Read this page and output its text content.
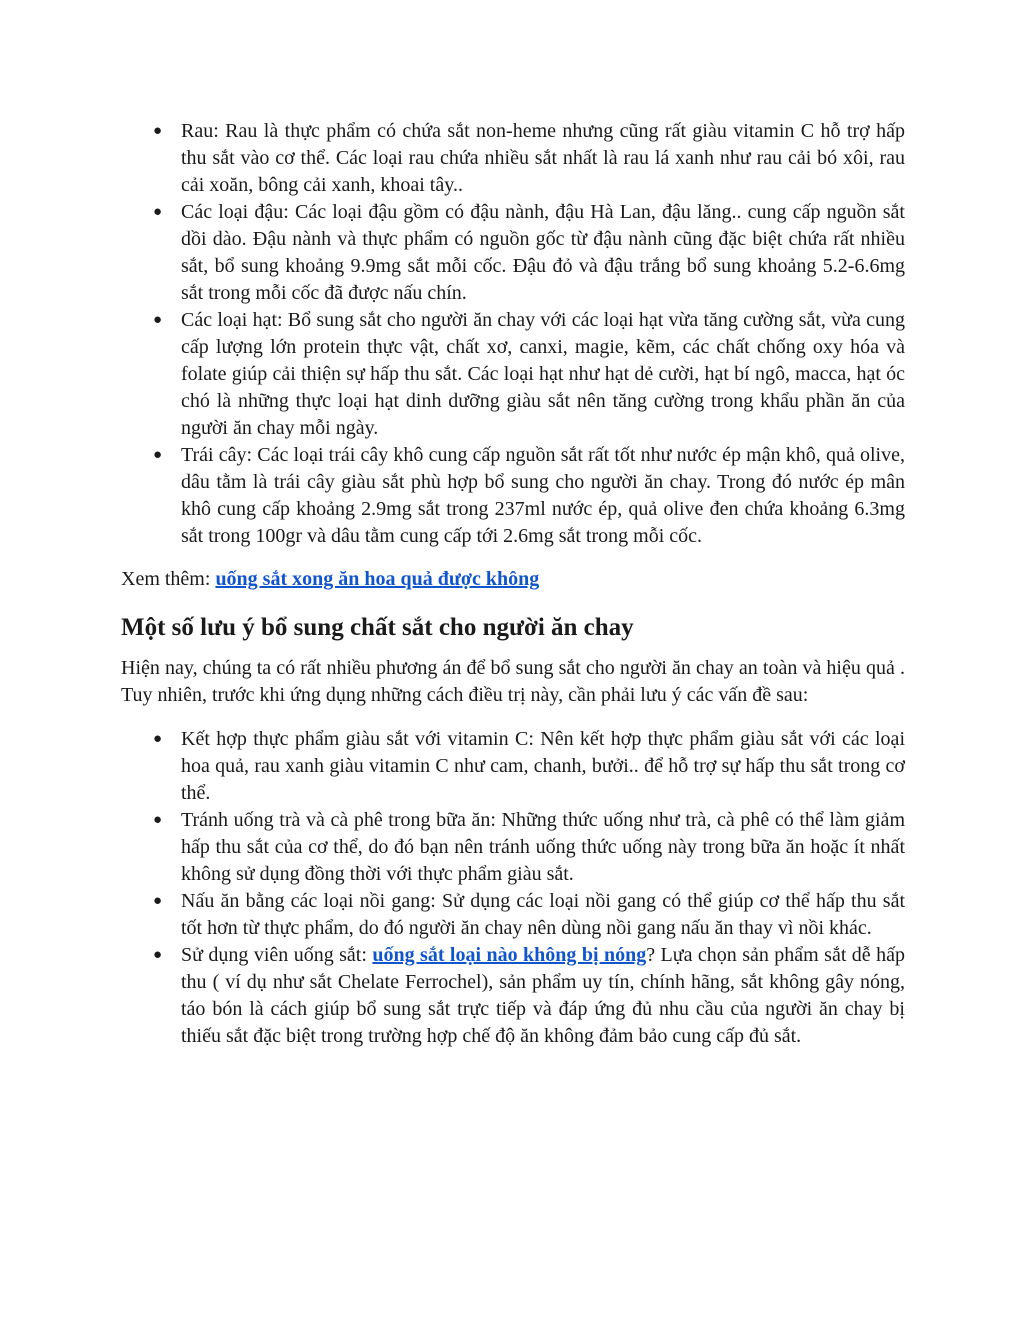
● Rau: Rau là thực phẩm có chứa sắt non-heme nhưng cũng rất giàu vitamin C hỗ trợ hấp thu sắt vào cơ thể. Các loại rau chứa nhiều sắt nhất là rau lá xanh như rau cải bó xôi, rau cải xoăn, bông cải xanh, khoai tây..
● Các loại đậu: Các loại đậu gồm có đậu nành, đậu Hà Lan, đậu lăng.. cung cấp nguồn sắt dồi dào. Đậu nành và thực phẩm có nguồn gốc từ đậu nành cũng đặc biệt chứa rất nhiều sắt, bổ sung khoảng 9.9mg sắt mỗi cốc. Đậu đỏ và đậu trắng bổ sung khoảng 5.2-6.6mg sắt trong mỗi cốc đã được nấu chín.
● Các loại hạt: Bổ sung sắt cho người ăn chay với các loại hạt vừa tăng cường sắt, vừa cung cấp lượng lớn protein thực vật, chất xơ, canxi, magie, kẽm, các chất chống oxy hóa và folate giúp cải thiện sự hấp thu sắt. Các loại hạt như hạt dẻ cười, hạt bí ngô, macca, hạt óc chó là những thực loại hạt dinh dưỡng giàu sắt nên tăng cường trong khẩu phần ăn của người ăn chay mỗi ngày.
● Trái cây: Các loại trái cây khô cung cấp nguồn sắt rất tốt như nước ép mận khô, quả olive, dâu tằm là trái cây giàu sắt phù hợp bổ sung cho người ăn chay. Trong đó nước ép mân khô cung cấp khoảng 2.9mg sắt trong 237ml nước ép, quả olive đen chứa khoảng 6.3mg sắt trong 100gr và dâu tằm cung cấp tới 2.6mg sắt trong mỗi cốc.
Xem thêm: uống sắt xong ăn hoa quả được không
Một số lưu ý bổ sung chất sắt cho người ăn chay

Hiện nay, chúng ta có rất nhiều phương án để bổ sung sắt cho người ăn chay an toàn và hiệu quả . Tuy nhiên, trước khi ứng dụng những cách điều trị này, cần phải lưu ý các vấn đề sau:

● Kết hợp thực phẩm giàu sắt với vitamin C: Nên kết hợp thực phẩm giàu sắt với các loại hoa quả, rau xanh giàu vitamin C như cam, chanh, bưởi.. để hỗ trợ sự hấp thu sắt trong cơ thể.
● Tránh uống trà và cà phê trong bữa ăn: Những thức uống như trà, cà phê có thể làm giảm hấp thu sắt của cơ thể, do đó bạn nên tránh uống thức uống này trong bữa ăn hoặc ít nhất không sử dụng đồng thời với thực phẩm giàu sắt.
● Nấu ăn bằng các loại nồi gang: Sử dụng các loại nồi gang có thể giúp cơ thể hấp thu sắt tốt hơn từ thực phẩm, do đó người ăn chay nên dùng nồi gang nấu ăn thay vì nồi khác.
● Sử dụng viên uống sắt: uống sắt loại nào không bị nóng? Lựa chọn sản phẩm sắt dễ hấp thu ( ví dụ như sắt Chelate Ferrochel), sản phẩm uy tín, chính hãng, sắt không gây nóng, táo bón là cách giúp bổ sung sắt trực tiếp và đáp ứng đủ nhu cầu của người ăn chay bị thiếu sắt đặc biệt trong trường hợp chế độ ăn không đảm bảo cung cấp đủ sắt.
